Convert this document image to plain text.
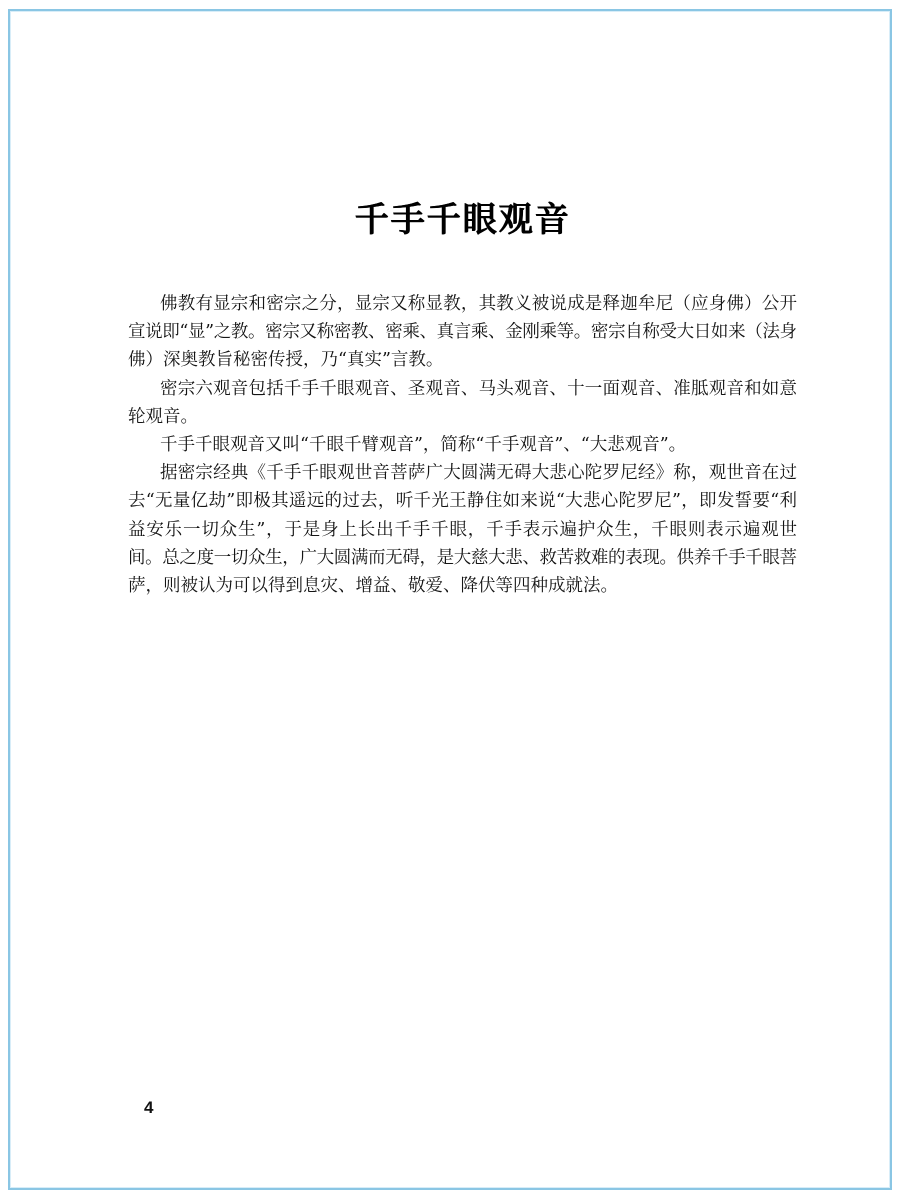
千手千眼观音
佛教有显宗和密宗之分，显宗又称显教，其教义被说成是释迦牟尼（应身佛）公开
宣说即“显”之教。密宗又称密教、密乘、真言乘、金刚乘等。密宗自称受大日如来（法身
佛）深奥教旨秘密传授，乃“真实”言教。
密宗六观音包括千手千眼观音、圣观音、马头观音、十一面观音、准胝观音和如意
轮观音。
千手千眼观音又叫“千眼千臂观音”，简称“千手观音”、“大悲观音”。
据密宗经典《千手千眼观世音菩萨广大圆满无碍大悲心陀罗尼经》称，观世音在过
去“无量亿劫”即极其遥远的过去，听千光王静住如来说“大悲心陀罗尼”，即发誓要“利
益安乐一切众生”，于是身上长出千手千眼，千手表示遍护众生，千眼则表示遍观世
间。总之度一切众生，广大圆满而无碍，是大慈大悲、救苦救难的表现。供养千手千眼菩
萨，则被认为可以得到息灾、增益、敬爱、降伏等四种成就法。
4
